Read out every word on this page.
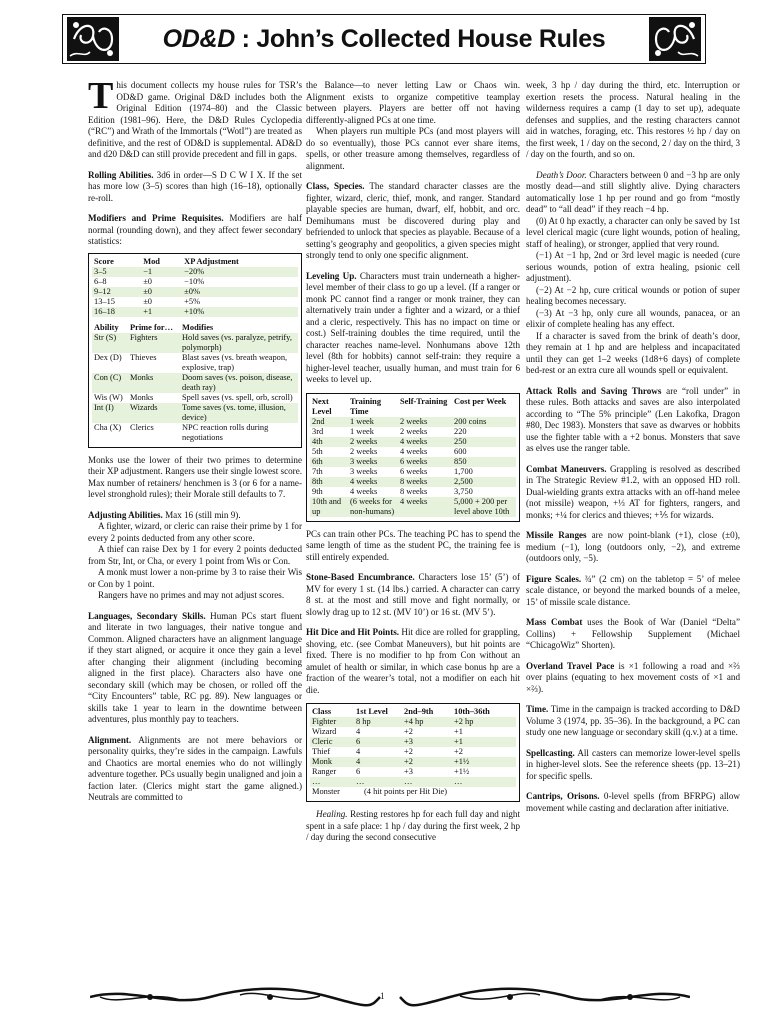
OD&D : John’s Collected House Rules

This document collects my house rules for TSR’s OD&D game. Original D&D includes both the Original Edition (1974–80) and the Classic Edition (1981–96). Here, the D&D Rules Cyclopedia (“RC”) and Wrath of the Immortals (“WotI”) are treated as definitive, and the rest of OD&D is supplemental. AD&D and d20 D&D can still provide precedent and fill in gaps.

Rolling Abilities. 3d6 in order—S D C W I X. If the set has more low (3–5) scores than high (16–18), optionally re-roll.

Modifiers and Prime Requisites. Modifiers are half normal (rounding down), and they affect fewer secondary statistics:

Score	Mod	XP Adjustment
3–5	−1	−20%
6–8	±0	−10%
9–12	±0	±0%
13–15	±0	+5%
16–18	+1	+10%
Ability	Prime for…	Modifies
Str (S)	Fighters	Hold saves (vs. paralyze, petrify, polymorph)
Dex (D)	Thieves	Blast saves (vs. breath weapon, explosive, trap)
Con (C)	Monks	Doom saves (vs. poison, disease, death ray)
Wis (W)	Monks	Spell saves (vs. spell, orb, scroll)
Int (I)	Wizards	Tome saves (vs. tome, illusion, device)
Cha (X)	Clerics	NPC reaction rolls during negotiations

Monks use the lower of their two primes to determine their XP adjustment. Rangers use their single lowest score. Max number of retainers/ henchmen is 3 (or 6 for a name-level stronghold rules); their Morale still defaults to 7.

Adjusting Abilities. Max 16 (still min 9).

A fighter, wizard, or cleric can raise their prime by 1 for every 2 points deducted from any other score.

A thief can raise Dex by 1 for every 2 points deducted from Str, Int, or Cha, or every 1 point from Wis or Con.

A monk must lower a non-prime by 3 to raise their Wis or Con by 1 point.

Rangers have no primes and may not adjust scores.

Languages, Secondary Skills. Human PCs start fluent and literate in two languages, their native tongue and Common. Aligned characters have an alignment language if they start aligned, or acquire it once they gain a level after changing their alignment (including becoming aligned in the first place). Characters also have one secondary skill (which may be chosen, or rolled off the “City Encounters” table, RC pg. 89). New languages or skills take 1 year to learn in the downtime between adventures, plus monthly pay to teachers.

Alignment. Alignments are not mere behaviors or personality quirks, they’re sides in the campaign. Lawfuls and Chaotics are mortal enemies who do not willingly adventure together. PCs usually begin unaligned and join a faction later. (Clerics might start the game aligned.) Neutrals are committed to

the Balance—to never letting Law or Chaos win. Alignment exists to organize competitive teamplay between players. Players are better off not having differently-aligned PCs at one time.

When players run multiple PCs (and most players will do so eventually), those PCs cannot ever share items, spells, or other treasure among themselves, regardless of alignment.

Class, Species. The standard character classes are the fighter, wizard, cleric, thief, monk, and ranger. Standard playable species are human, dwarf, elf, hobbit, and orc. Demihumans must be discovered during play and befriended to unlock that species as playable. Because of a setting’s geography and geopolitics, a given species might strongly tend to only one specific alignment.

Leveling Up. Characters must train underneath a higher-level member of their class to go up a level. (If a ranger or monk PC cannot find a ranger or monk trainer, they can alternatively train under a fighter and a wizard, or a thief and a cleric, respectively. This has no impact on time or cost.) Self-training doubles the time required, until the character reaches name-level. Nonhumans above 12th level (8th for hobbits) cannot self-train: they require a higher-level teacher, usually human, and must train for 6 weeks to level up.

Next Level	Training Time	Self-Training	Cost per Week
2nd	1 week	2 weeks	200 coins
3rd	1 week	2 weeks	220
4th	2 weeks	4 weeks	250
5th	2 weeks	4 weeks	600
6th	3 weeks	6 weeks	850
7th	3 weeks	6 weeks	1,700
8th	4 weeks	8 weeks	2,500
9th	4 weeks	8 weeks	3,750
10th and up	(6 weeks for non-humans)	4 weeks	5,000 + 200 per level above 10th

PCs can train other PCs. The teaching PC has to spend the same length of time as the student PC, the training fee is still entirely expended.

Stone-Based Encumbrance. Characters lose 15’ (5’) of MV for every 1 st. (14 lbs.) carried. A character can carry 8 st. at the most and still move and fight normally, or slowly drag up to 12 st. (MV 10’) or 16 st. (MV 5’).

Hit Dice and Hit Points. Hit dice are rolled for grappling, shoving, etc. (see Combat Maneuvers), but hit points are fixed. There is no modifier to hp from Con without an amulet of health or similar, in which case bonus hp are a fraction of the wearer’s total, not a modifier on each hit die.

Class	1st Level	2nd–9th	10th–36th
Fighter	8 hp	+4 hp	+2 hp
Wizard	4	+2	+1
Cleric	6	+3	+1
Thief	4	+2	+2
Monk	4	+2	+1½
Ranger	6	+3	+1½
…	…	…	…
Monster	(4 hit points per Hit Die)		

Healing. Resting restores hp for each full day and night spent in a safe place: 1 hp / day during the first week, 2 hp / day during the second consecutive

week, 3 hp / day during the third, etc. Interruption or exertion resets the process. Natural healing in the wilderness requires a camp (1 day to set up), adequate defenses and supplies, and the resting characters cannot aid in watches, foraging, etc. This restores ½ hp / day on the first week, 1 / day on the second, 2 / day on the third, 3 / day on the fourth, and so on.

Death’s Door. Characters between 0 and −3 hp are only mostly dead—and still slightly alive. Dying characters automatically lose 1 hp per round and go from “mostly dead” to “all dead” if they reach −4 hp.

(0) At 0 hp exactly, a character can only be saved by 1st level clerical magic (cure light wounds, potion of healing, staff of healing), or stronger, applied that very round.

(−1) At −1 hp, 2nd or 3rd level magic is needed (cure serious wounds, potion of extra healing, psionic cell adjustment).

(−2) At −2 hp, cure critical wounds or potion of super healing becomes necessary.

(−3) At −3 hp, only cure all wounds, panacea, or an elixir of complete healing has any effect.

If a character is saved from the brink of death’s door, they remain at 1 hp and are helpless and incapacitated until they can get 1–2 weeks (1d8+6 days) of complete bed-rest or an extra cure all wounds spell or equivalent.

Attack Rolls and Saving Throws are “roll under” in these rules. Both attacks and saves are also interpolated according to “The 5% principle” (Len Lakofka, Dragon #80, Dec 1983). Monsters that save as dwarves or hobbits use the fighter table with a +2 bonus. Monsters that save as elves use the ranger table.

Combat Maneuvers. Grappling is resolved as described in The Strategic Review #1.2, with an opposed HD roll. Dual-wielding grants extra attacks with an off-hand melee (not missile) weapon, +⅓ AT for fighters, rangers, and monks; +¼ for clerics and thieves; +⅕ for wizards.

Missile Ranges are now point-blank (+1), close (±0), medium (−1), long (outdoors only, −2), and extreme (outdoors only, −5).

Figure Scales. ¾” (2 cm) on the tabletop = 5’ of melee scale distance, or beyond the marked bounds of a melee, 15’ of missile scale distance.

Mass Combat uses the Book of War (Daniel “Delta” Collins) + Fellowship Supplement (Michael “ChicagoWiz” Shorten).

Overland Travel Pace is ×1 following a road and ×⅔ over plains (equating to hex movement costs of ×1 and ×⅔).

Time. Time in the campaign is tracked according to D&D Volume 3 (1974, pp. 35–36). In the background, a PC can study one new language or secondary skill (q.v.) at a time.

Spellcasting. All casters can memorize lower-level spells in higher-level slots. See the reference sheets (pp. 13–21) for specific spells.

Cantrips, Orisons. 0-level spells (from BFRPG) allow movement while casting and declaration after initiative.

1
